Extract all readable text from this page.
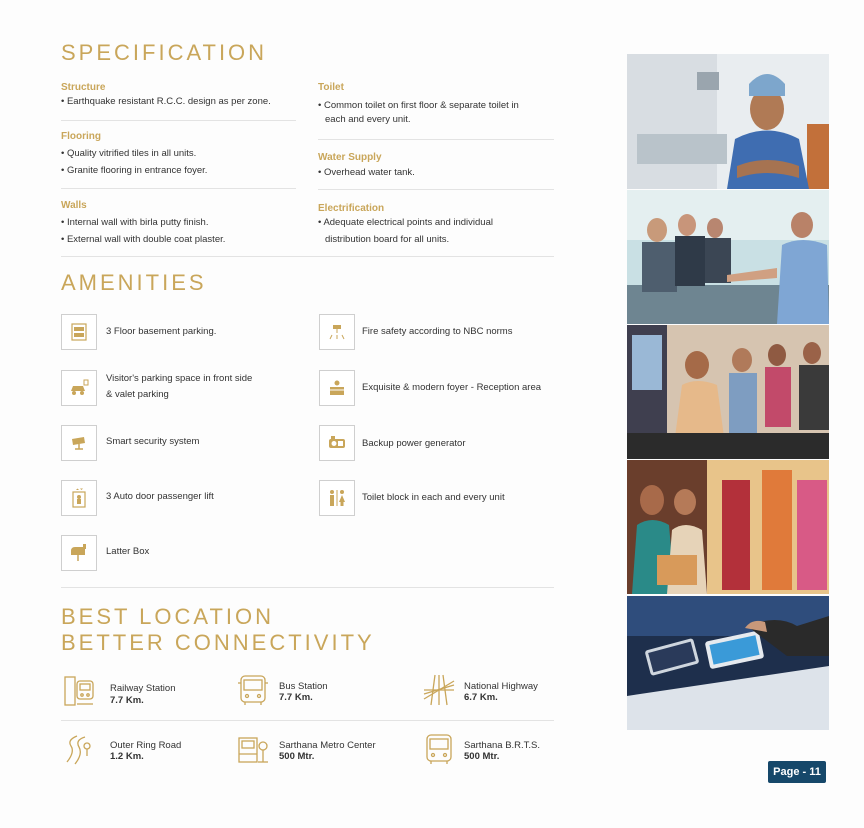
SPECIFICATION
Structure
• Earthquake resistant R.C.C. design as per zone.
Flooring
• Quality vitrified tiles in all units.
• Granite flooring in entrance foyer.
Walls
• Internal wall with birla putty finish.
• External wall with double coat plaster.
Toilet
• Common toilet on first floor & separate toilet in
each and every unit.
Water Supply
• Overhead water tank.
Electrification
• Adequate electrical points and individual
distribution board for all units.
AMENITIES
3 Floor basement parking.	Fire safety according to NBC norms
Visitor's parking space in front side
& valet parking
Exquisite & modern foyer - Reception area
Smart security system	Backup power generator
3 Auto door passenger lift	Toilet block in each and every unit
Latter Box
BEST LOCATION
BETTER CONNECTIVITY
Railway Station
7.7 Km.
Bus Station
7.7 Km.
National Highway
6.7 Km.
Outer Ring Road
1.2 Km.
Sarthana Metro Center
500 Mtr.
Sarthana B.R.T.S.
500 Mtr.
Page - 11
